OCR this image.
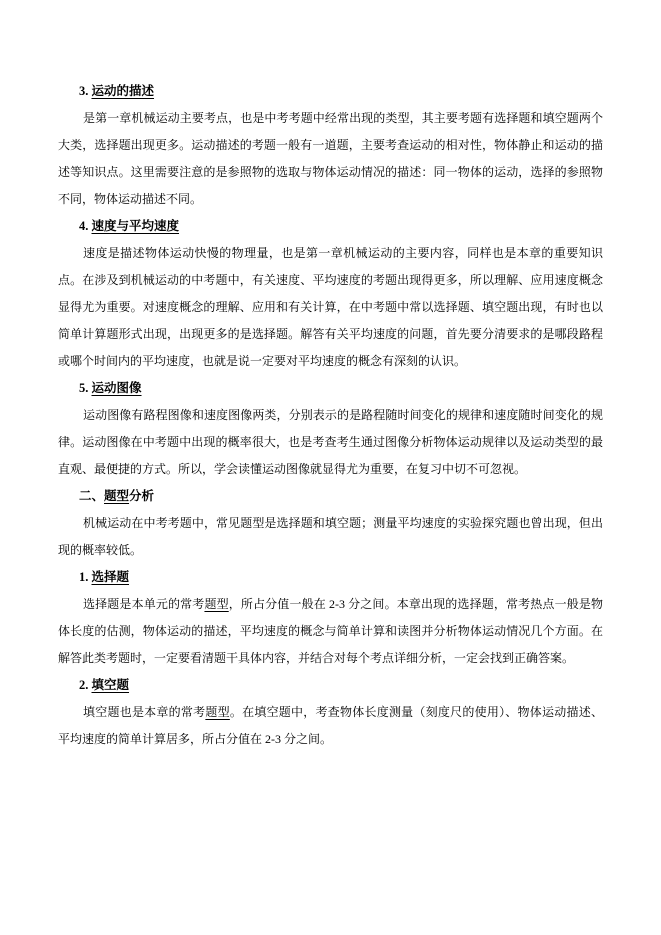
3. 运动的描述

是第一章机械运动主要考点，也是中考考题中经常出现的类型，其主要考题有选择题和填空题两个大类，选择题出现更多。运动描述的考题一般有一道题，主要考查运动的相对性，物体静止和运动的描述等知识点。这里需要注意的是参照物的选取与物体运动情况的描述：同一物体的运动，选择的参照物不同，物体运动描述不同。

4. 速度与平均速度

速度是描述物体运动快慢的物理量，也是第一章机械运动的主要内容，同样也是本章的重要知识点。在涉及到机械运动的中考题中，有关速度、平均速度的考题出现得更多，所以理解、应用速度概念显得尤为重要。对速度概念的理解、应用和有关计算，在中考题中常以选择题、填空题出现，有时也以简单计算题形式出现，出现更多的是选择题。解答有关平均速度的问题，首先要分清要求的是哪段路程或哪个时间内的平均速度，也就是说一定要对平均速度的概念有深刻的认识。

5. 运动图像

运动图像有路程图像和速度图像两类，分别表示的是路程随时间变化的规律和速度随时间变化的规律。运动图像在中考题中出现的概率很大，也是考查考生通过图像分析物体运动规律以及运动类型的最直观、最便捷的方式。所以，学会读懂运动图像就显得尤为重要，在复习中切不可忽视。

二、题型分析

机械运动在中考考题中，常见题型是选择题和填空题；测量平均速度的实验探究题也曾出现，但出现的概率较低。

1. 选择题

选择题是本单元的常考题型，所占分值一般在 2-3 分之间。本章出现的选择题，常考热点一般是物体长度的估测，物体运动的描述，平均速度的概念与简单计算和读图并分析物体运动情况几个方面。在解答此类考题时，一定要看清题干具体内容，并结合对每个考点详细分析，一定会找到正确答案。

2. 填空题

填空题也是本章的常考题型。在填空题中，考查物体长度测量（刻度尺的使用）、物体运动描述、平均速度的简单计算居多，所占分值在 2-3 分之间。
